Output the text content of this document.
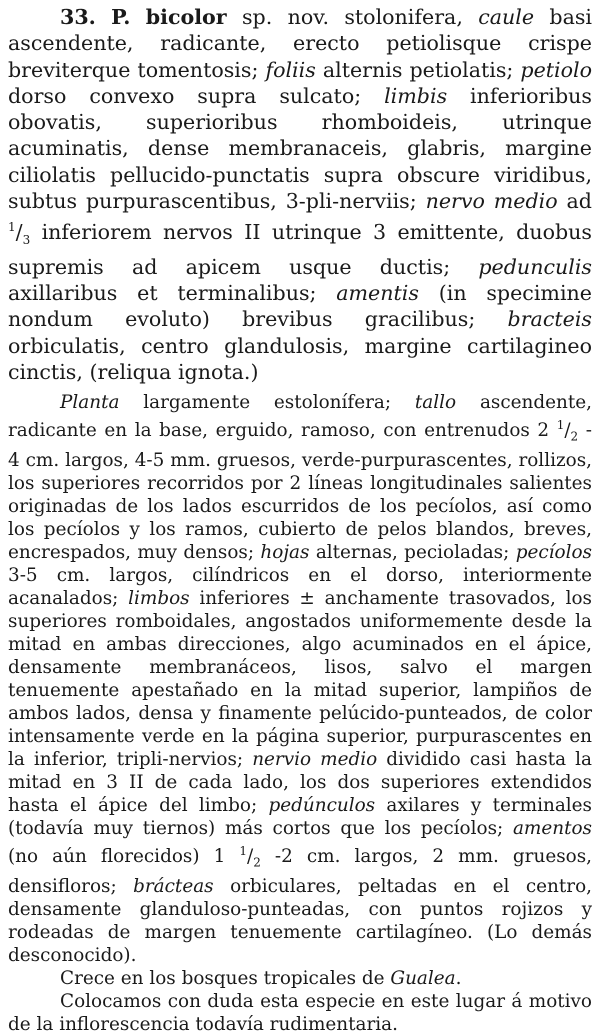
33. P. bicolor sp. nov. stolonifera, caule basi ascendente, radicante, erecto petiolisque crispe breviterque tomentosis; foliis alternis petiolatis; petiolo dorso convexo supra sulcato; limbis inferioribus obovatis, superioribus rhomboideis, utrinque acuminatis, dense membranaceis, glabris, margine ciliolatis pellucido-punctatis supra obscure viridibus, subtus purpurascentibus, 3-pli-nerviis; nervo medio ad $^1/_3$ inferiorem nervos II utrinque 3 emittente, duobus supremis ad apicem usque ductis; pedunculis axillaribus et terminalibus; amentis (in specimine nondum evoluto) brevibus gracilibus; bracteis orbiculatis, centro glandulosis, margine cartilagineo cinctis, (reliqua ignota.)

Planta largamente estolonífera; tallo ascendente, radicante en la base, erguido, ramoso, con entrenudos 2 $^1/_2 - 4$ cm. largos, 4-5 mm. gruesos, verde-purpurascentes, rollizos, los superiores recorridos por 2 líneas longitudinales salientes originadas de los lados escurridos de los pecíolos, así como los pecíolos y los ramos, cubierto de pelos blandos, breves, encrespados, muy densos; hojas alternas, pecioladas; pecíolos 3-5 cm. largos, cilíndricos en el dorso, interiormente acanalados; limbos inferiores ± anchamente trasovados, los superiores romboidales, angostados uniformemente desde la mitad en ambas direcciones, algo acuminados en el ápice, densamente membranáceos, lisos, salvo el margen tenuemente apestañado en la mitad superior, lampiños de ambos lados, densa y finamente pelúcido-punteados, de color intensamente verde en la página superior, purpurascentes en la inferior, tripli-nervios; nervio medio dividido casi hasta la mitad en 3 II de cada lado, los dos superiores extendidos hasta el ápice del limbo; pedúnculos axilares y terminales (todavía muy tiernos) más cortos que los pecíolos; amentos (no aún florecidos) 1 $^1/_2$ -2 cm. largos, 2 mm. gruesos, densifloros; brácteas orbiculares, peltadas en el centro, densamente glanduloso-punteadas, con puntos rojizos y rodeadas de margen tenuemente cartilagíneo. (Lo demás desconocido).

Crece en los bosques tropicales de Gualea.

Colocamos con duda esta especie en este lugar á motivo de la inflorescencia todavía rudimentaria.
